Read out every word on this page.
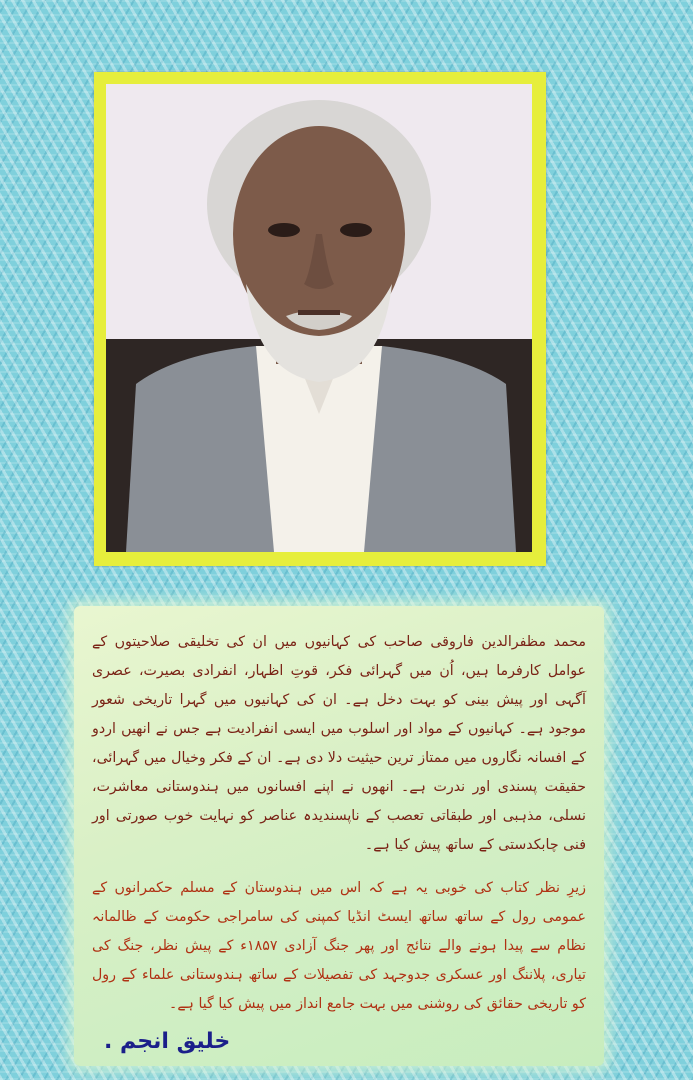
محمد مظفرالدین فاروقی صاحب کی کہانیوں میں ان کی تخلیقی صلاحیتوں کے عوامل کارفرما ہیں، اُن میں گہرائی فکر، قوتِ اظہار، انفرادی بصیرت، عصری آگہی اور پیش بینی کو بہت دخل ہے۔ ان کی کہانیوں میں گہرا تاریخی شعور موجود ہے۔ کہانیوں کے مواد اور اسلوب میں ایسی انفرادیت ہے جس نے انھیں اردو کے افسانہ نگاروں میں ممتاز ترین حیثیت دلا دی ہے۔ ان کے فکر وخیال میں گہرائی، حقیقت پسندی اور ندرت ہے۔ انھوں نے اپنے افسانوں میں ہندوستانی معاشرت، نسلی، مذہبی اور طبقاتی تعصب کے ناپسندیدہ عناصر کو نہایت خوب صورتی اور فنی چابکدستی کے ساتھ پیش کیا ہے۔

زیرِ نظر کتاب کی خوبی یہ ہے کہ اس میں ہندوستان کے مسلم حکمرانوں کے عمومی رول کے ساتھ ساتھ ایسٹ انڈیا کمپنی کی سامراجی حکومت کے ظالمانہ نظام سے پیدا ہونے والے نتائج اور پھر جنگ آزادی ۱۸۵۷ء کے پیش نظر، جنگ کی تیاری، پلاننگ اور عسکری جدوجہد کی تفصیلات کے ساتھ ہندوستانی علماء کے رول کو تاریخی حقائق کی روشنی میں بہت جامع انداز میں پیش کیا گیا ہے۔

خلیق انجم .
